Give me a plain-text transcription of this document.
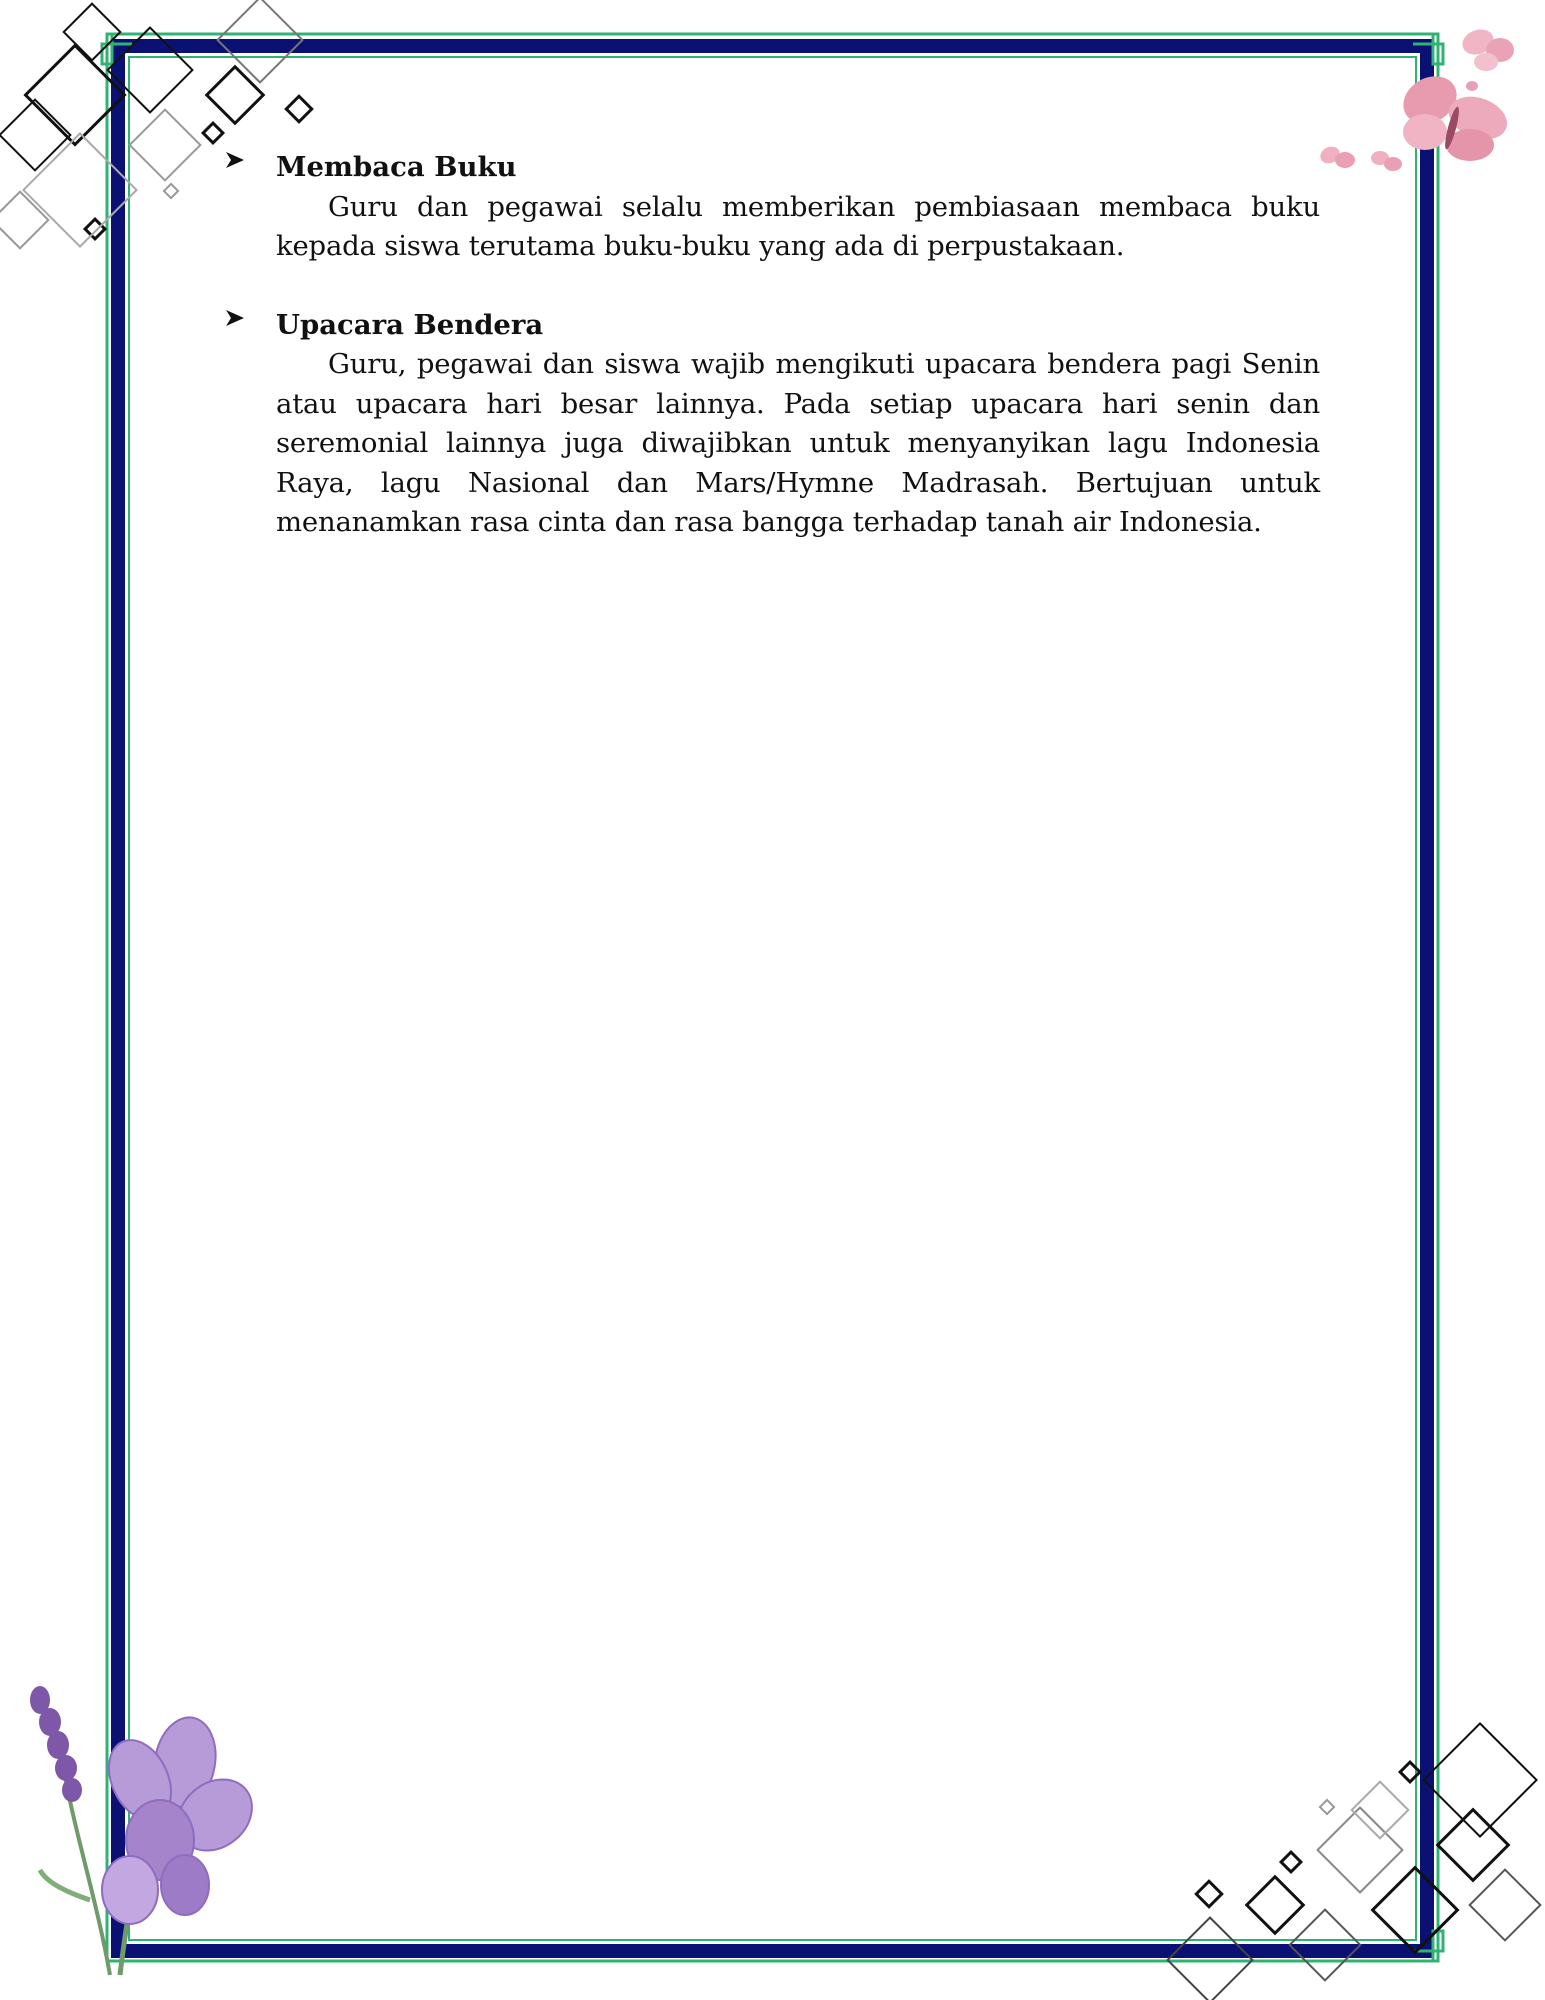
Membaca Buku
Guru dan pegawai selalu memberikan pembiasaan membaca buku kepada siswa terutama buku-buku yang ada di perpustakaan.
Upacara Bendera
Guru, pegawai dan siswa wajib mengikuti upacara bendera pagi Senin atau upacara hari besar lainnya. Pada setiap upacara hari senin dan seremonial lainnya juga diwajibkan untuk menyanyikan lagu Indonesia Raya, lagu Nasional dan Mars/Hymne Madrasah. Bertujuan untuk menanamkan rasa cinta dan rasa bangga terhadap tanah air Indonesia.
